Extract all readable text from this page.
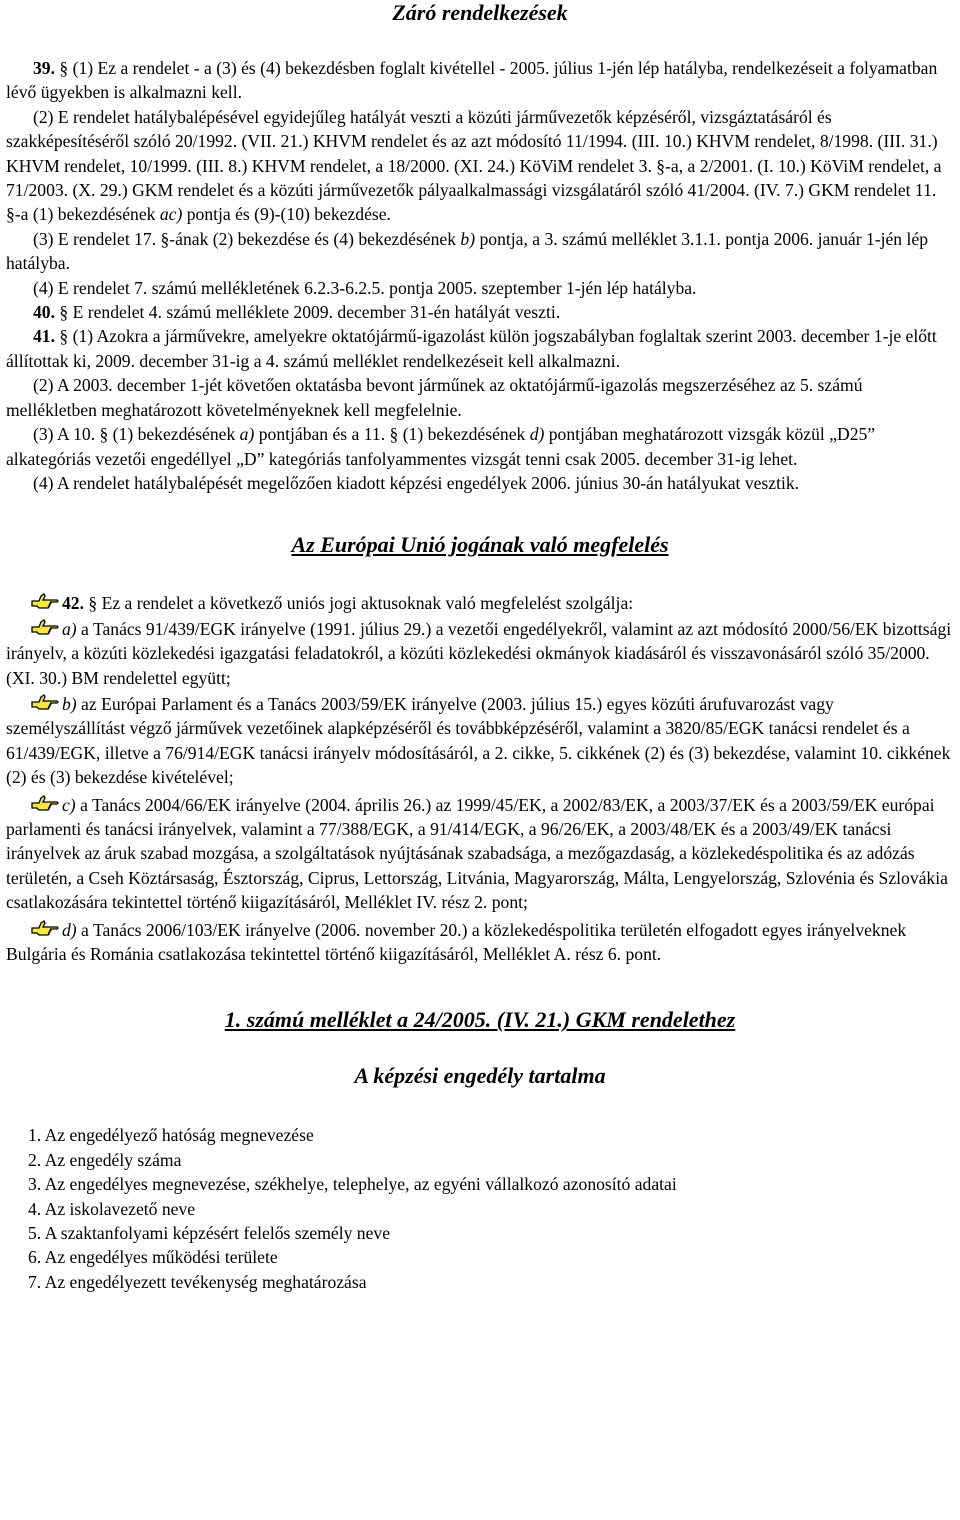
Záró rendelkezések

39. § (1) Ez a rendelet - a (3) és (4) bekezdésben foglalt kivétellel - 2005. július 1-jén lép hatályba, rendelkezéseit a folyamatban lévő ügyekben is alkalmazni kell.

(2) E rendelet hatálybalépésével egyidejűleg hatályát veszti a közúti járművezetők képzéséről, vizsgáztatásáról és szakképesítéséről szóló 20/1992. (VII. 21.) KHVM rendelet és az azt módosító 11/1994. (III. 10.) KHVM rendelet, 8/1998. (III. 31.) KHVM rendelet, 10/1999. (III. 8.) KHVM rendelet, a 18/2000. (XI. 24.) KöViM rendelet 3. §-a, a 2/2001. (I. 10.) KöViM rendelet, a 71/2003. (X. 29.) GKM rendelet és a közúti járművezetők pályaalkalmassági vizsgálatáról szóló 41/2004. (IV. 7.) GKM rendelet 11. §-a (1) bekezdésének ac) pontja és (9)-(10) bekezdése.

(3) E rendelet 17. §-ának (2) bekezdése és (4) bekezdésének b) pontja, a 3. számú melléklet 3.1.1. pontja 2006. január 1-jén lép hatályba.

(4) E rendelet 7. számú mellékletének 6.2.3-6.2.5. pontja 2005. szeptember 1-jén lép hatályba.

40. § E rendelet 4. számú melléklete 2009. december 31-én hatályát veszti.

41. § (1) Azokra a járművekre, amelyekre oktatójármű-igazolást külön jogszabályban foglaltak szerint 2003. december 1-je előtt állítottak ki, 2009. december 31-ig a 4. számú melléklet rendelkezéseit kell alkalmazni.

(2) A 2003. december 1-jét követően oktatásba bevont járműnek az oktatójármű-igazolás megszerzéséhez az 5. számú mellékletben meghatározott követelményeknek kell megfelelnie.

(3) A 10. § (1) bekezdésének a) pontjában és a 11. § (1) bekezdésének d) pontjában meghatározott vizsgák közül „D25” alkategóriás vezetői engedéllyel „D” kategóriás tanfolyammentes vizsgát tenni csak 2005. december 31-ig lehet.

(4) A rendelet hatálybalépését megelőzően kiadott képzési engedélyek 2006. június 30-án hatályukat vesztik.

Az Európai Unió jogának való megfelelés

42. § Ez a rendelet a következő uniós jogi aktusoknak való megfelelést szolgálja:

a) a Tanács 91/439/EGK irányelve (1991. július 29.) a vezetői engedélyekről, valamint az azt módosító 2000/56/EK bizottsági irányelv, a közúti közlekedési igazgatási feladatokról, a közúti közlekedési okmányok kiadásáról és visszavonásáról szóló 35/2000. (XI. 30.) BM rendelettel együtt;

b) az Európai Parlament és a Tanács 2003/59/EK irányelve (2003. július 15.) egyes közúti árufuvarozást vagy személyszállítást végző járművek vezetőinek alapképzéséről és továbbképzéséről, valamint a 3820/85/EGK tanácsi rendelet és a 61/439/EGK, illetve a 76/914/EGK tanácsi irányelv módosításáról, a 2. cikke, 5. cikkének (2) és (3) bekezdése, valamint 10. cikkének (2) és (3) bekezdése kivételével;

c) a Tanács 2004/66/EK irányelve (2004. április 26.) az 1999/45/EK, a 2002/83/EK, a 2003/37/EK és a 2003/59/EK európai parlamenti és tanácsi irányelvek, valamint a 77/388/EGK, a 91/414/EGK, a 96/26/EK, a 2003/48/EK és a 2003/49/EK tanácsi irányelvek az áruk szabad mozgása, a szolgáltatások nyújtásának szabadsága, a mezőgazdaság, a közlekedéspolitika és az adózás területén, a Cseh Köztársaság, Észtország, Ciprus, Lettország, Litvánia, Magyarország, Málta, Lengyelország, Szlovénia és Szlovákia csatlakozására tekintettel történő kiigazításáról, Melléklet IV. rész 2. pont;

d) a Tanács 2006/103/EK irányelve (2006. november 20.) a közlekedéspolitika területén elfogadott egyes irányelveknek Bulgária és Románia csatlakozása tekintettel történő kiigazításáról, Melléklet A. rész 6. pont.

1. számú melléklet a 24/2005. (IV. 21.) GKM rendelethez
A képzési engedély tartalma
1. Az engedélyező hatóság megnevezése
2. Az engedély száma
3. Az engedélyes megnevezése, székhelye, telephelye, az egyéni vállalkozó azonosító adatai
4. Az iskolavezető neve
5. A szaktanfolyami képzésért felelős személy neve
6. Az engedélyes működési területe
7. Az engedélyezett tevékenység meghatározása
